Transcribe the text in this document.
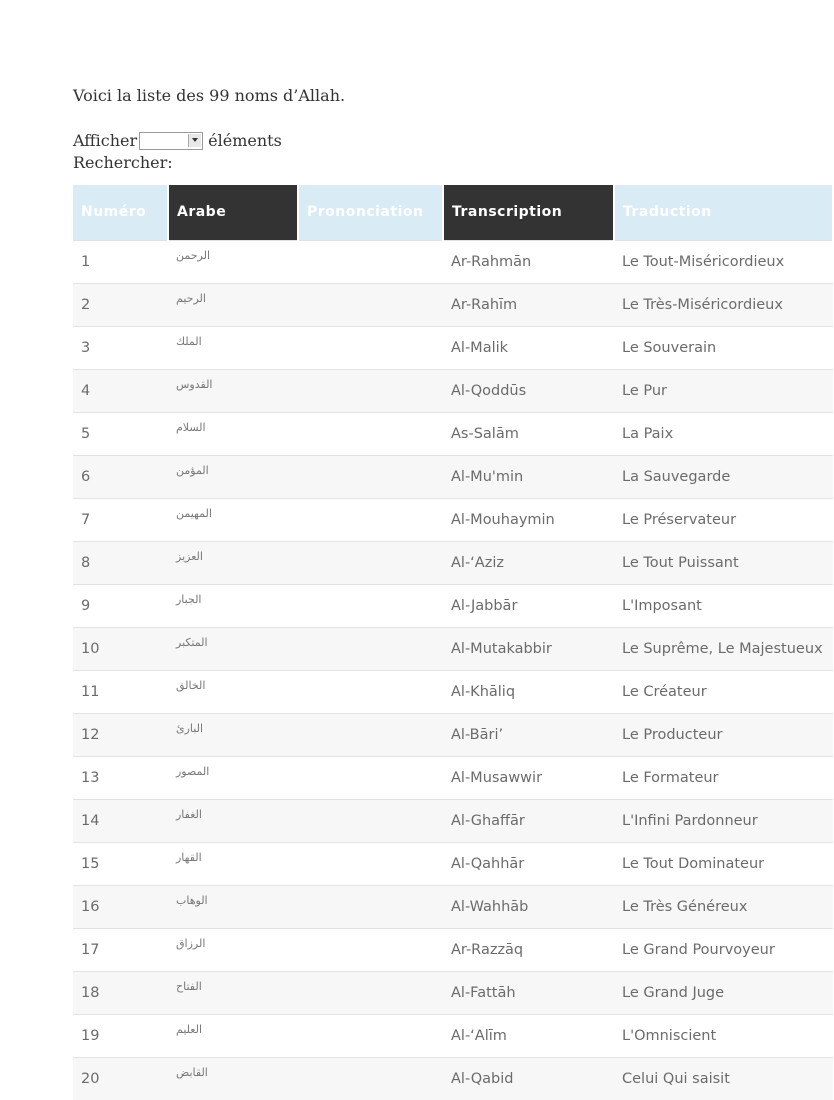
Voici la liste des 99 noms d’Allah.
Afficher	éléments
Rechercher:
Numéro	Arabe	Prononciation	Transcription	Traduction
1	الرحمن		Ar-Rahmān	Le Tout-Miséricordieux
2	الرحيم		Ar-Rahīm	Le Très-Miséricordieux
3	الملك		Al-Malik	Le Souverain
4	القدوس		Al-Qoddūs	Le Pur
5	السلام		As-Salām	La Paix
6	المؤمن		Al-Mu'min	La Sauvegarde
7	المهيمن		Al-Mouhaymin	Le Préservateur
8	العزيز		Al-‘Aziz	Le Tout Puissant
9	الجبار		Al-Jabbār	L'Imposant
10	المتكبر		Al-Mutakabbir	Le Suprême, Le Majestueux
11	الخالق		Al-Khāliq	Le Créateur
12	البارئ		Al-Bāri’	Le Producteur
13	المصور		Al-Musawwir	Le Formateur
14	الغفار		Al-Ghaffār	L'Infini Pardonneur
15	القهار		Al-Qahhār	Le Tout Dominateur
16	الوهاب		Al-Wahhāb	Le Très Généreux
17	الرزاق		Ar-Razzāq	Le Grand Pourvoyeur
18	الفتاح		Al-Fattāh	Le Grand Juge
19	العليم		Al-‘Alīm	L'Omniscient
20	القابض		Al-Qabid	Celui Qui saisit
